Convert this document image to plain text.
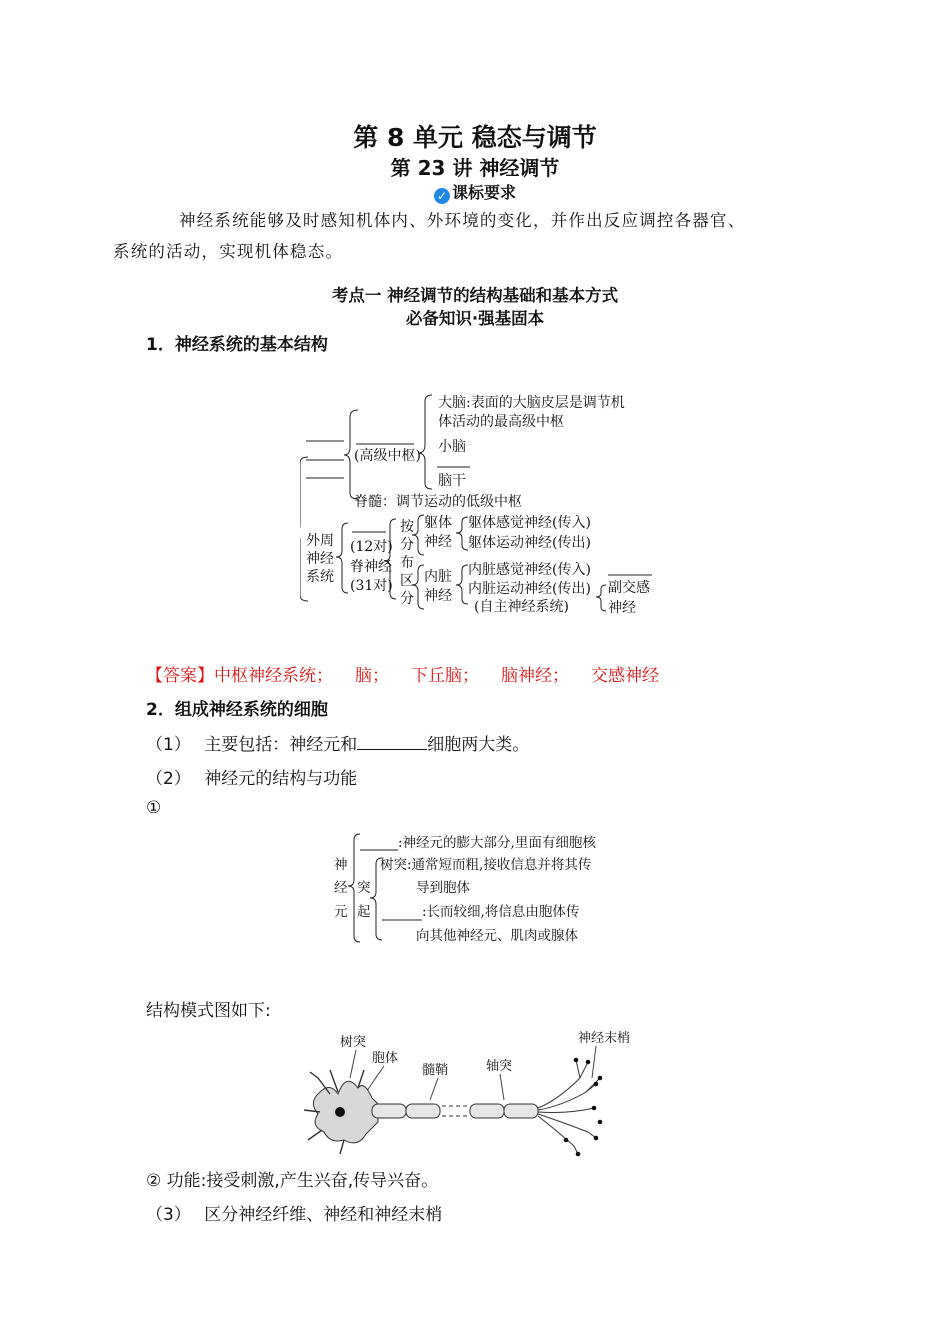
第 8 单元 稳态与调节
第 23 讲 神经调节
✓ 课标要求
神经系统能够及时感知机体内、外环境的变化，并作出反应调控各器官、
系统的活动，实现机体稳态。
考点一 神经调节的结构基础和基本方式
必备知识·强基固本
1．神经系统的基本结构
大脑:表面的大脑皮层是调节机
体活动的最高级中枢
小脑
脑干
(高级中枢)
脊髓：调节运动的低级中枢
外周
神经
系统
(12对)
脊神经
(31对)
按
分
布
区
分
躯体
神经
躯体感觉神经(传入)
躯体运动神经(传出)
内脏
神经
内脏感觉神经(传入)
内脏运动神经(传出)
(自主神经系统)
副交感
神经
【答案】中枢神经系统； 脑； 下丘脑； 脑神经； 交感神经
2．组成神经系统的细胞
（1） 主要包括：神经元和	细胞两大类。
（2） 神经元的结构与功能
①
神
经
元
:神经元的膨大部分,里面有细胞核
突
起
树突:通常短而粗,接收信息并将其传
导到胞体
:长而较细,将信息由胞体传
向其他神经元、肌肉或腺体
结构模式图如下:
树突
胞体
髓鞘	轴突
神经末梢
② 功能:接受刺激,产生兴奋,传导兴奋。
（3） 区分神经纤维、神经和神经末梢
